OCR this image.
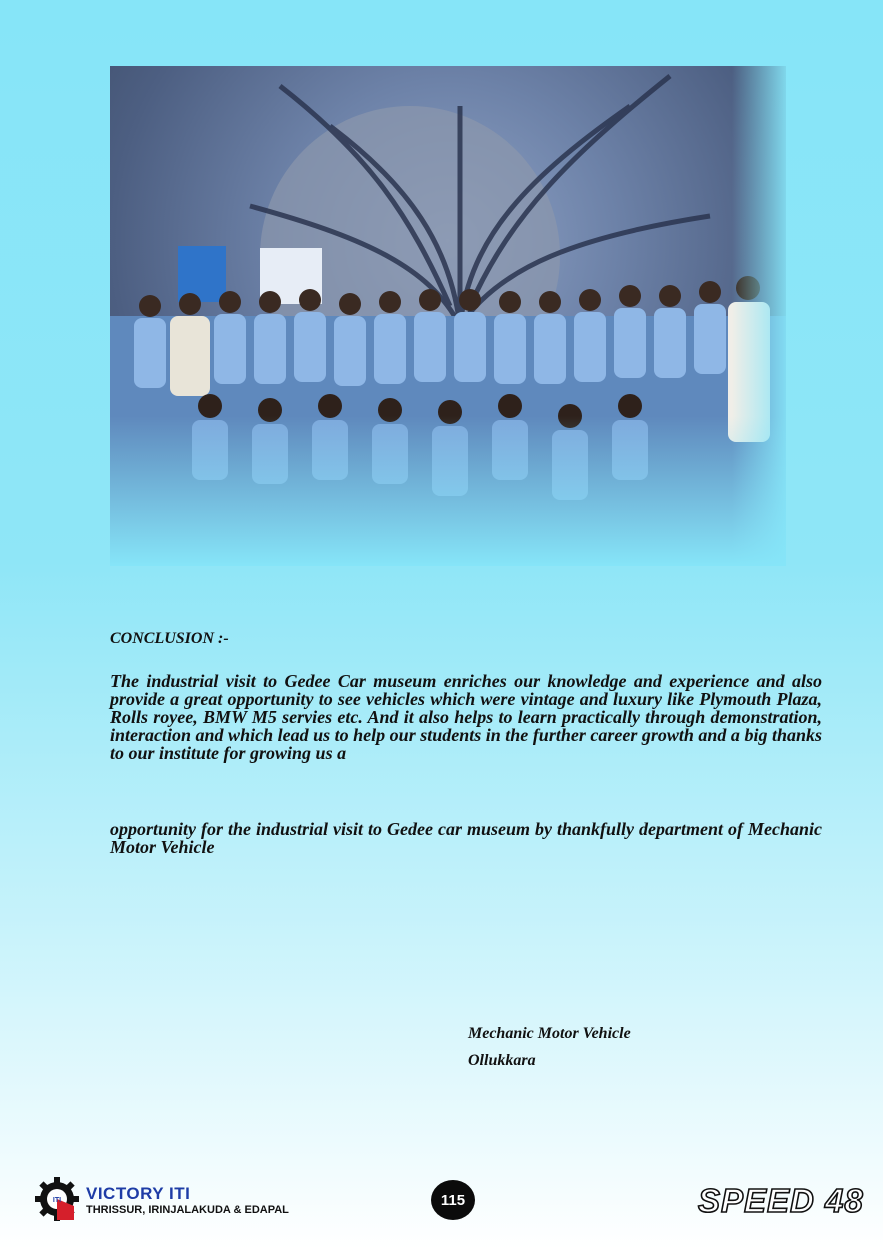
CONCLUSION :-

The industrial visit to Gedee Car museum enriches our knowledge and experience and also provide a great opportunity to see vehicles which were vintage and luxury like Plymouth Plaza, Rolls royee, BMW M5 servies etc. And it also helps to learn practically through demonstration, interaction and which lead us to help our students in the further career growth and a big thanks to our institute for growing us a

opportunity for the industrial visit to Gedee car museum by thankfully department of Mechanic Motor Vehicle

Mechanic Motor Vehicle
Ollukkara
ITI VICTORY ITI
THRISSUR, IRINJALAKUDA & EDAPAL
115	SPEED 48
